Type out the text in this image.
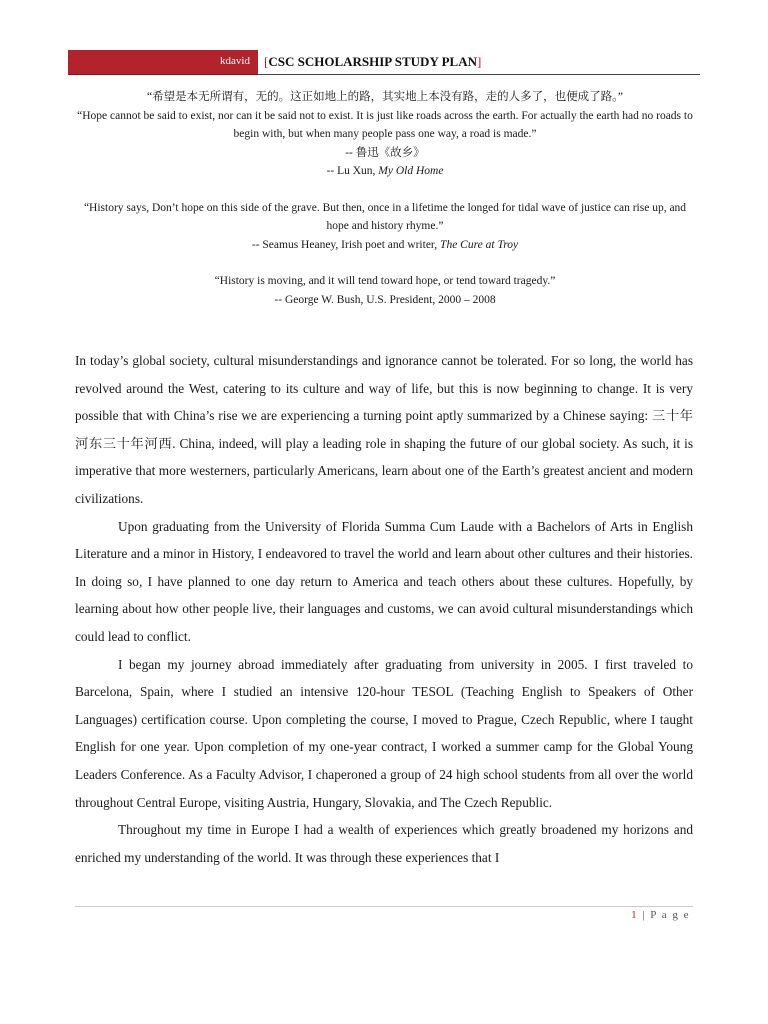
kdavid [CSC SCHOLARSHIP STUDY PLAN]

“希望是本无所谓有，无的。这正如地上的路，其实地上本没有路，走的人多了，也便成了路。”

“Hope cannot be said to exist, nor can it be said not to exist. It is just like roads across the earth. For actually the earth had no roads to begin with, but when many people pass one way, a road is made.”

-- 鲁迅《故乡》

-- Lu Xun, My Old Home

“History says, Don’t hope on this side of the grave. But then, once in a lifetime the longed for tidal wave of justice can rise up, and hope and history rhyme.”

-- Seamus Heaney, Irish poet and writer, The Cure at Troy

“History is moving, and it will tend toward hope, or tend toward tragedy.”

-- George W. Bush, U.S. President, 2000 – 2008

In today’s global society, cultural misunderstandings and ignorance cannot be tolerated. For so long, the world has revolved around the West, catering to its culture and way of life, but this is now beginning to change. It is very possible that with China’s rise we are experiencing a turning point aptly summarized by a Chinese saying: 三十年河东三十年河西. China, indeed, will play a leading role in shaping the future of our global society. As such, it is imperative that more westerners, particularly Americans, learn about one of the Earth’s greatest ancient and modern civilizations.

Upon graduating from the University of Florida Summa Cum Laude with a Bachelors of Arts in English Literature and a minor in History, I endeavored to travel the world and learn about other cultures and their histories. In doing so, I have planned to one day return to America and teach others about these cultures. Hopefully, by learning about how other people live, their languages and customs, we can avoid cultural misunderstandings which could lead to conflict.

I began my journey abroad immediately after graduating from university in 2005. I first traveled to Barcelona, Spain, where I studied an intensive 120-hour TESOL (Teaching English to Speakers of Other Languages) certification course. Upon completing the course, I moved to Prague, Czech Republic, where I taught English for one year. Upon completion of my one-year contract, I worked a summer camp for the Global Young Leaders Conference. As a Faculty Advisor, I chaperoned a group of 24 high school students from all over the world throughout Central Europe, visiting Austria, Hungary, Slovakia, and The Czech Republic.

Throughout my time in Europe I had a wealth of experiences which greatly broadened my horizons and enriched my understanding of the world. It was through these experiences that I

1 | P a g e
